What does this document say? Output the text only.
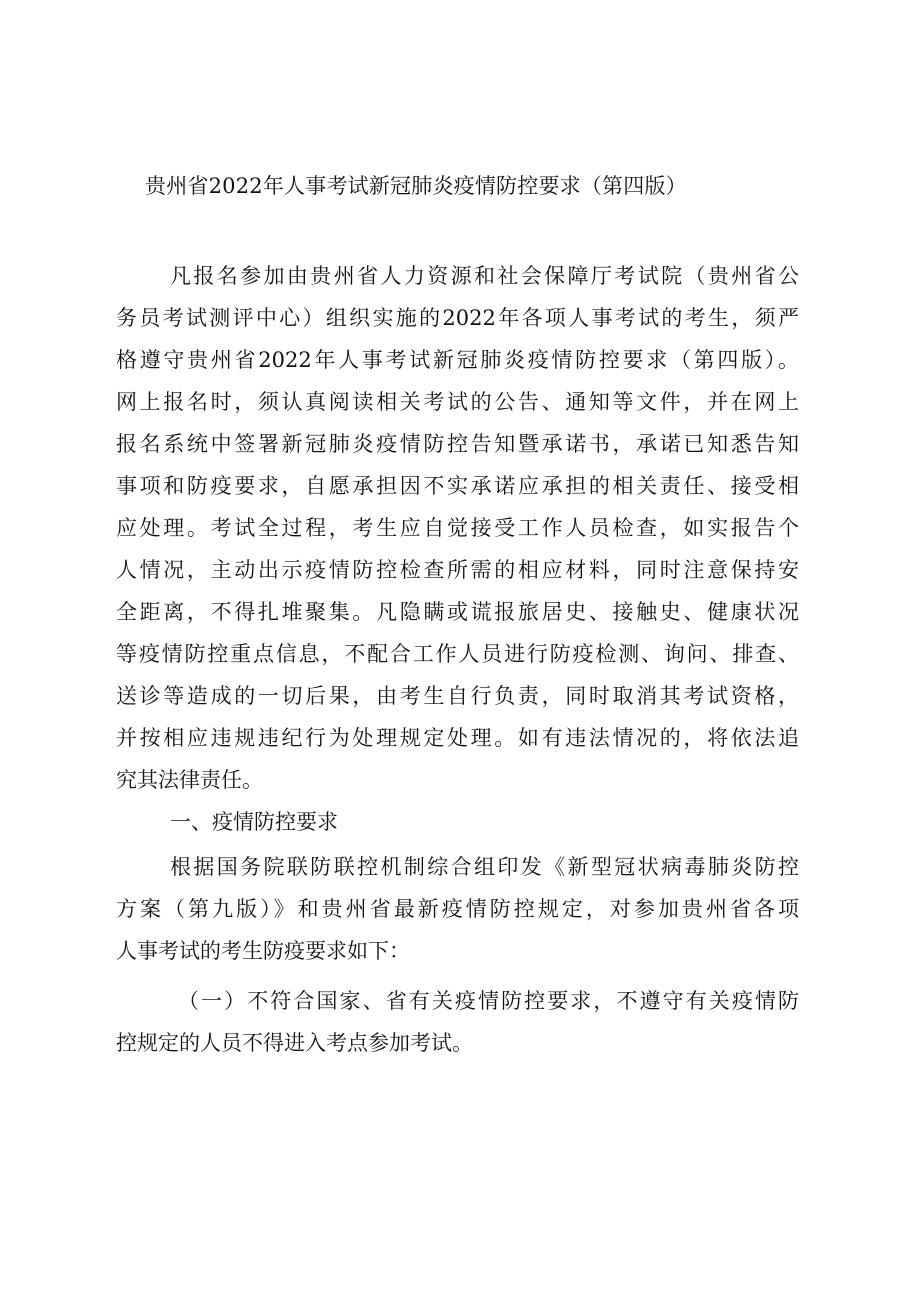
贵州省2022年人事考试新冠肺炎疫情防控要求（第四版）

凡报名参加由贵州省人力资源和社会保障厅考试院（贵州省公

务员考试测评中心）组织实施的2022年各项人事考试的考生，须严

格遵守贵州省2022年人事考试新冠肺炎疫情防控要求（第四版）。

网上报名时，须认真阅读相关考试的公告、通知等文件，并在网上

报名系统中签署新冠肺炎疫情防控告知暨承诺书，承诺已知悉告知

事项和防疫要求，自愿承担因不实承诺应承担的相关责任、接受相

应处理。考试全过程，考生应自觉接受工作人员检查，如实报告个

人情况，主动出示疫情防控检查所需的相应材料，同时注意保持安

全距离，不得扎堆聚集。凡隐瞒或谎报旅居史、接触史、健康状况

等疫情防控重点信息，不配合工作人员进行防疫检测、询问、排查、

送诊等造成的一切后果，由考生自行负责，同时取消其考试资格，

并按相应违规违纪行为处理规定处理。如有违法情况的，将依法追

究其法律责任。

一、疫情防控要求

根据国务院联防联控机制综合组印发《新型冠状病毒肺炎防控

方案（第九版）》和贵州省最新疫情防控规定，对参加贵州省各项

人事考试的考生防疫要求如下：

（一）不符合国家、省有关疫情防控要求，不遵守有关疫情防

控规定的人员不得进入考点参加考试。
